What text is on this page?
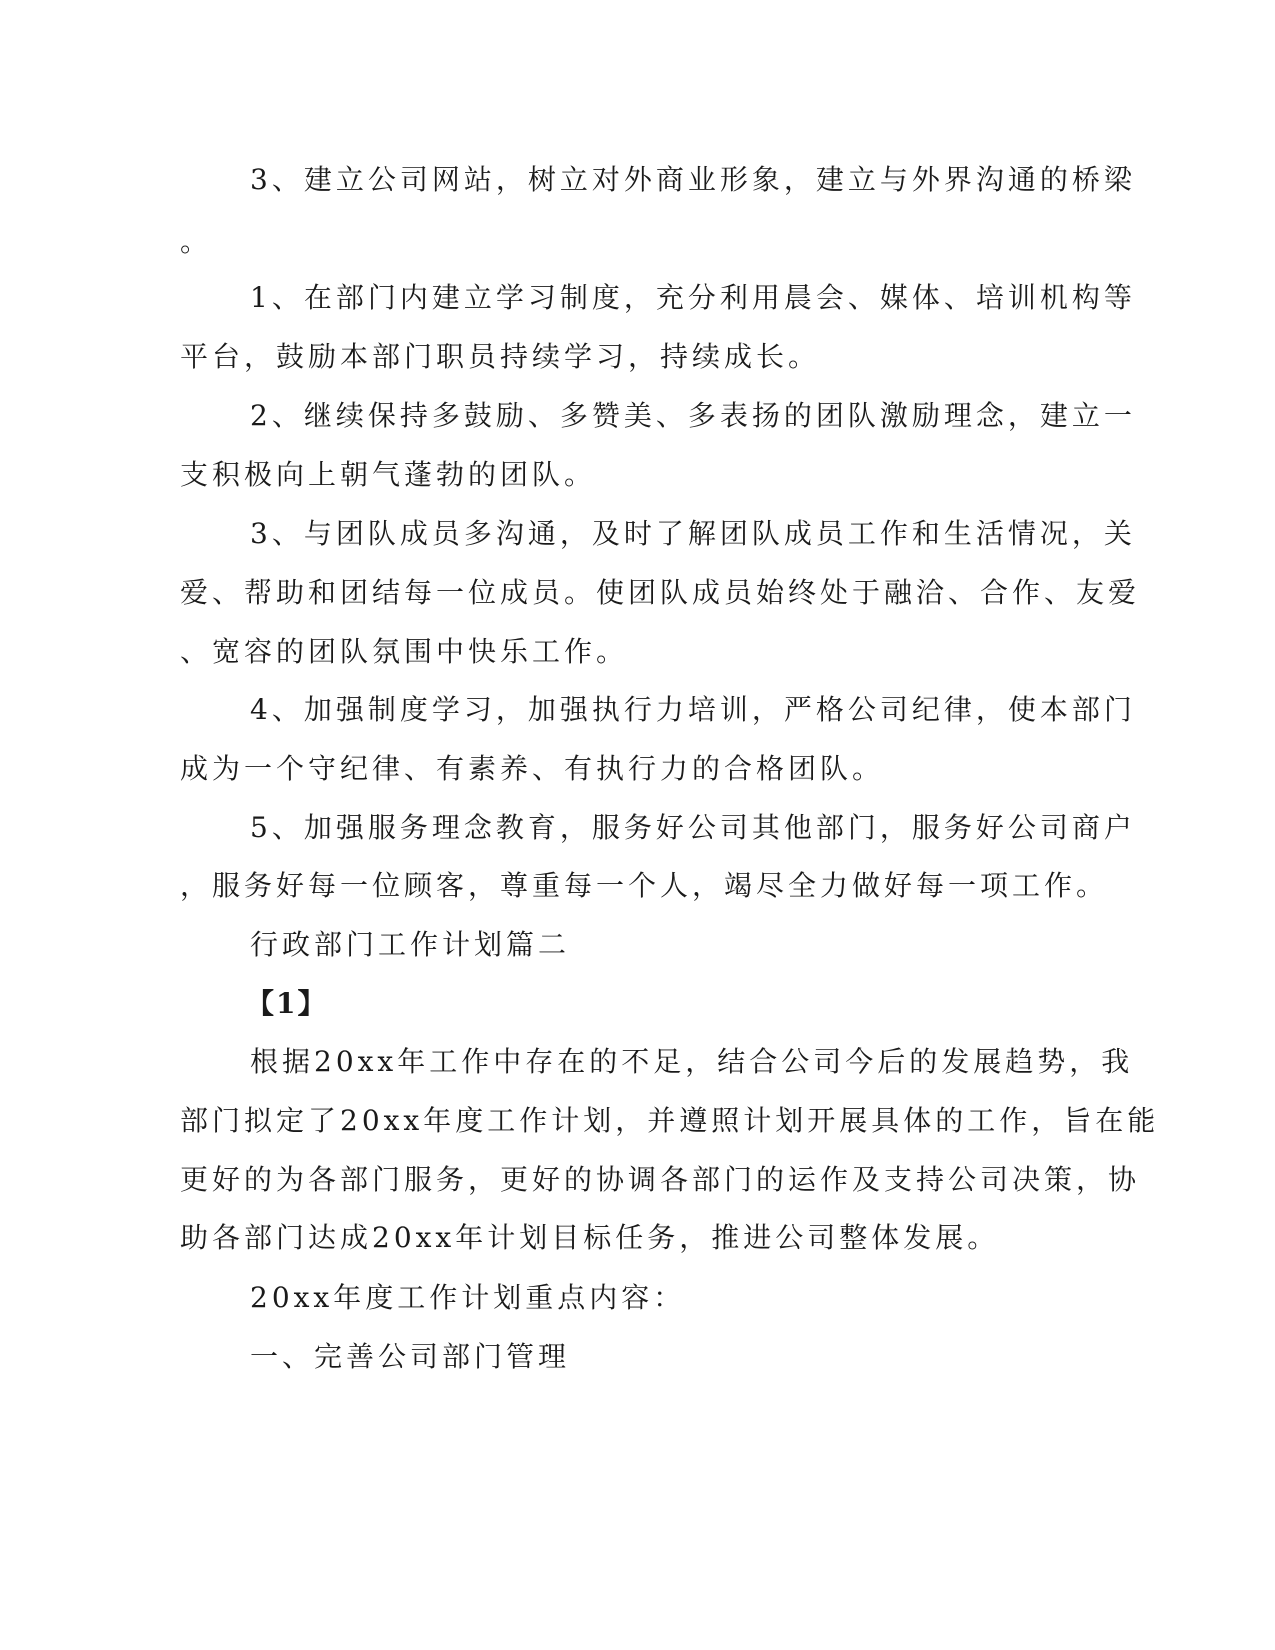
3、建立公司网站，树立对外商业形象，建立与外界沟通的桥梁
。
1、在部门内建立学习制度，充分利用晨会、媒体、培训机构等
平台，鼓励本部门职员持续学习，持续成长。
2、继续保持多鼓励、多赞美、多表扬的团队激励理念，建立一
支积极向上朝气蓬勃的团队。
3、与团队成员多沟通，及时了解团队成员工作和生活情况，关
爱、帮助和团结每一位成员。使团队成员始终处于融洽、合作、友爱
、宽容的团队氛围中快乐工作。
4、加强制度学习，加强执行力培训，严格公司纪律，使本部门
成为一个守纪律、有素养、有执行力的合格团队。
5、加强服务理念教育，服务好公司其他部门，服务好公司商户
，服务好每一位顾客，尊重每一个人，竭尽全力做好每一项工作。
行政部门工作计划篇二
【1】
根据20xx年工作中存在的不足，结合公司今后的发展趋势，我
部门拟定了20xx年度工作计划，并遵照计划开展具体的工作，旨在能
更好的为各部门服务，更好的协调各部门的运作及支持公司决策，协
助各部门达成20xx年计划目标任务，推进公司整体发展。
20xx年度工作计划重点内容：
一、完善公司部门管理
